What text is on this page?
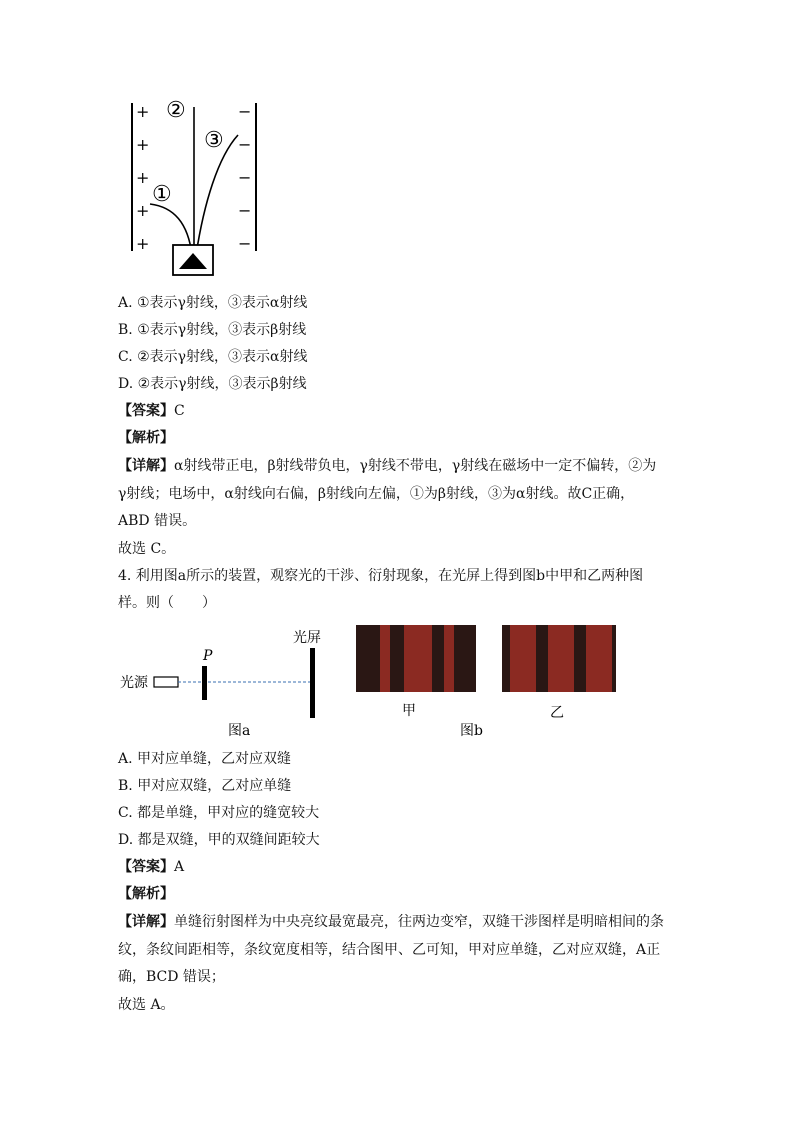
+
+
+
+
+
−
−
−
−
−
①
②
③
A. ①表示γ射线，③表示α射线
B. ①表示γ射线，③表示β射线
C. ②表示γ射线，③表示α射线
D. ②表示γ射线，③表示β射线
【答案】C
【解析】
【详解】α射线带正电，β射线带负电，γ射线不带电，γ射线在磁场中一定不偏转，②为
γ射线；电场中，α射线向右偏，β射线向左偏，①为β射线，③为α射线。故C正确，
ABD 错误。
故选 C。
4. 利用图a所示的装置，观察光的干涉、衍射现象，在光屏上得到图b中甲和乙两种图
样。则（　　）
光源
P
光屏
图a
甲	乙
图b
A. 甲对应单缝，乙对应双缝
B. 甲对应双缝，乙对应单缝
C. 都是单缝，甲对应的缝宽较大
D. 都是双缝，甲的双缝间距较大
【答案】A
【解析】
【详解】单缝衍射图样为中央亮纹最宽最亮，往两边变窄，双缝干涉图样是明暗相间的条
纹，条纹间距相等，条纹宽度相等，结合图甲、乙可知，甲对应单缝，乙对应双缝，A正
确，BCD 错误；
故选 A。
